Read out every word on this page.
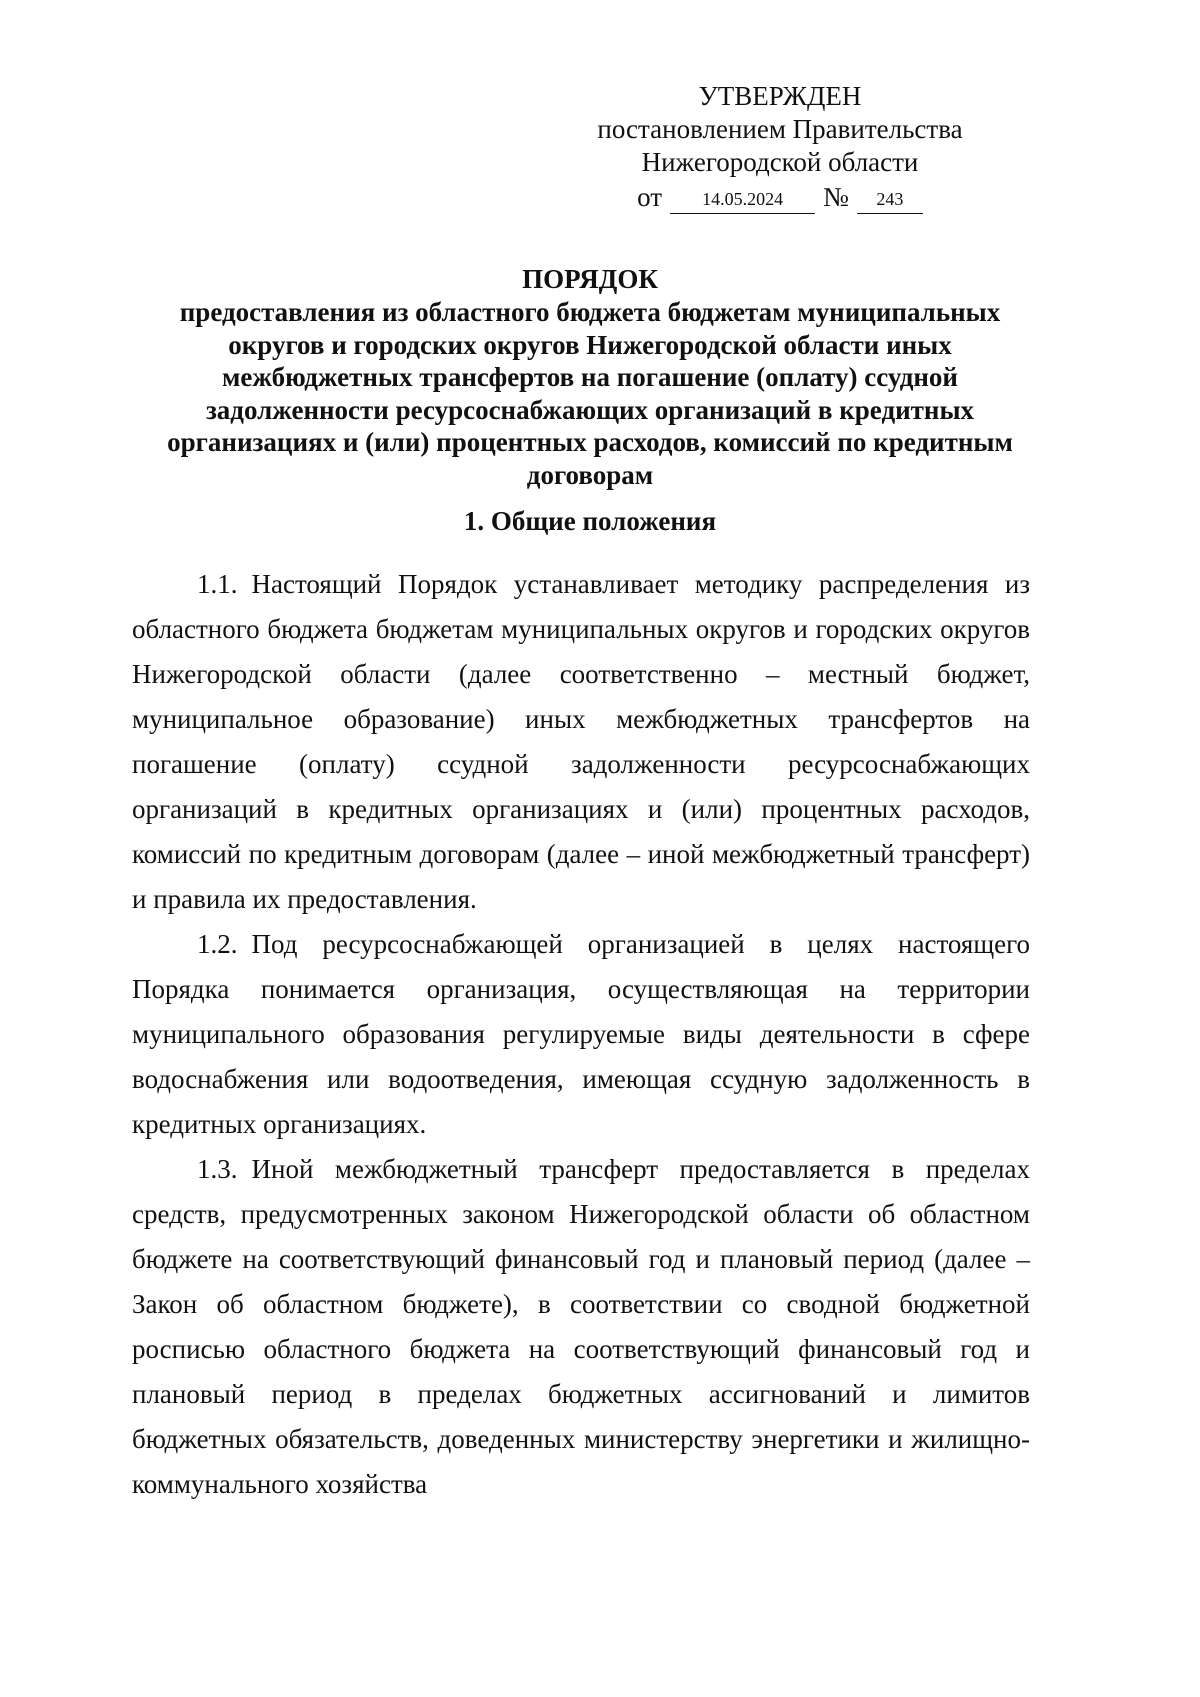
УТВЕРЖДЕН
постановлением Правительства
Нижегородской области
от	14.05.2024	№	243
ПОРЯДОК
предоставления из областного бюджета бюджетам муниципальных округов и городских округов Нижегородской области иных межбюджетных трансфертов на погашение (оплату) ссудной задолженности ресурсоснабжающих организаций в кредитных организациях и (или) процентных расходов, комиссий по кредитным договорам
1. Общие положения

1.1. Настоящий Порядок устанавливает методику распределения из областного бюджета бюджетам муниципальных округов и городских округов Нижегородской области (далее соответственно – местный бюджет, муниципальное образование) иных межбюджетных трансфертов на погашение (оплату) ссудной задолженности ресурсоснабжающих организаций в кредитных организациях и (или) процентных расходов, комиссий по кредитным договорам (далее – иной межбюджетный трансферт) и правила их предоставления.

1.2. Под ресурсоснабжающей организацией в целях настоящего Порядка понимается организация, осуществляющая на территории муниципального образования регулируемые виды деятельности в сфере водоснабжения или водоотведения, имеющая ссудную задолженность в кредитных организациях.

1.3. Иной межбюджетный трансферт предоставляется в пределах средств, предусмотренных законом Нижегородской области об областном бюджете на соответствующий финансовый год и плановый период (далее – Закон об областном бюджете), в соответствии со сводной бюджетной росписью областного бюджета на соответствующий финансовый год и плановый период в пределах бюджетных ассигнований и лимитов бюджетных обязательств, доведенных министерству энергетики и жилищно-коммунального хозяйства
